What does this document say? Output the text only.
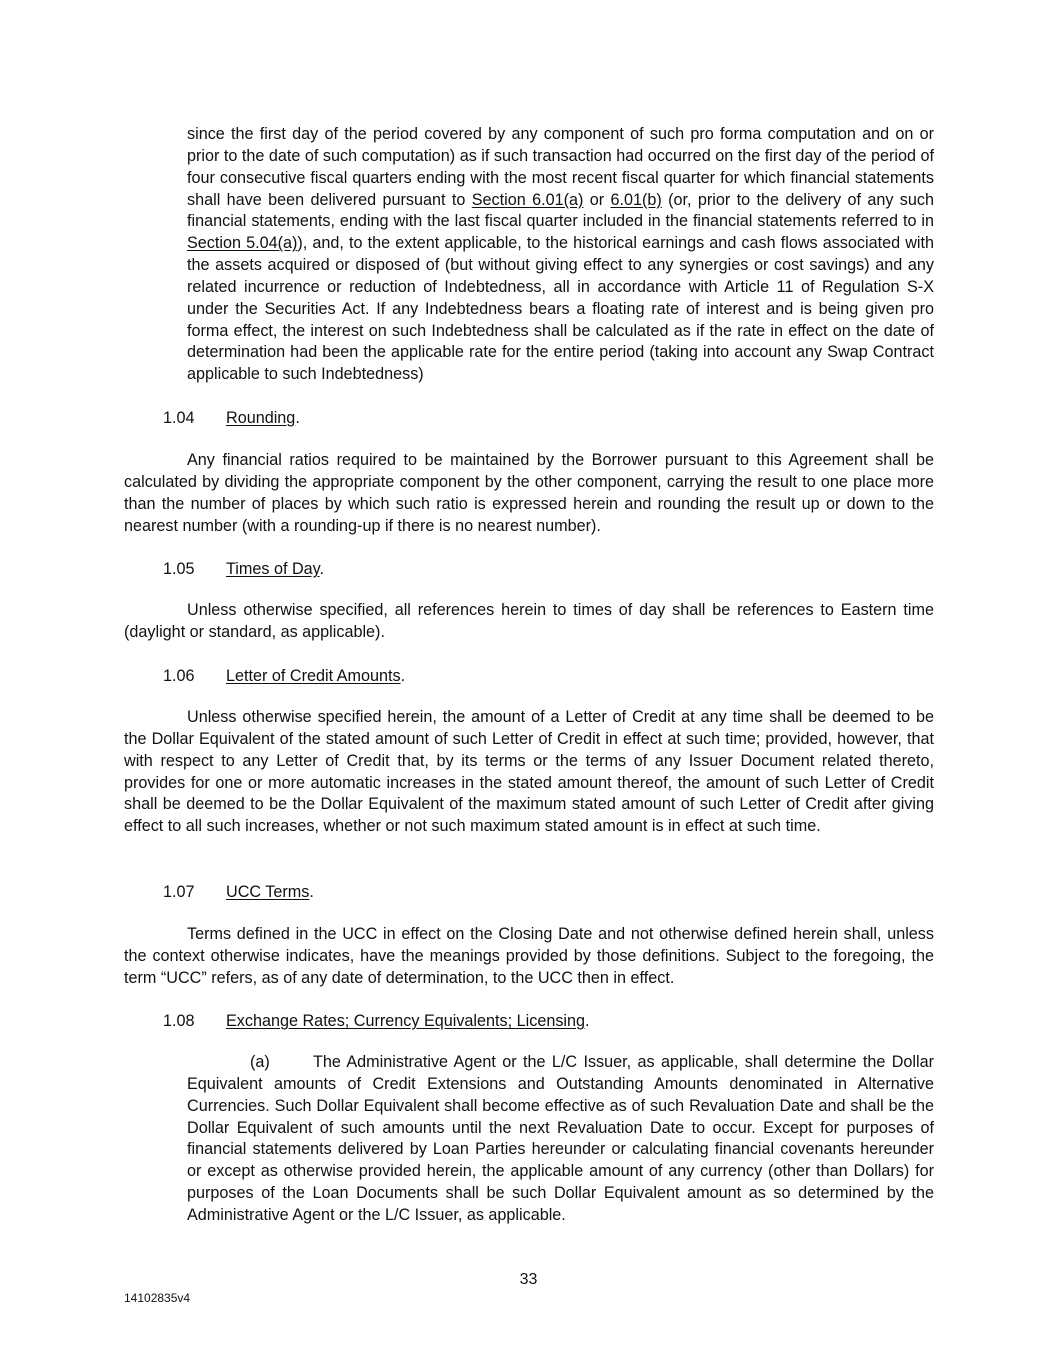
since the first day of the period covered by any component of such pro forma computation and on or prior to the date of such computation) as if such transaction had occurred on the first day of the period of four consecutive fiscal quarters ending with the most recent fiscal quarter for which financial statements shall have been delivered pursuant to Section 6.01(a) or 6.01(b) (or, prior to the delivery of any such financial statements, ending with the last fiscal quarter included in the financial statements referred to in Section 5.04(a)), and, to the extent applicable, to the historical earnings and cash flows associated with the assets acquired or disposed of (but without giving effect to any synergies or cost savings) and any related incurrence or reduction of Indebtedness, all in accordance with Article 11 of Regulation S-X under the Securities Act. If any Indebtedness bears a floating rate of interest and is being given pro forma effect, the interest on such Indebtedness shall be calculated as if the rate in effect on the date of determination had been the applicable rate for the entire period (taking into account any Swap Contract applicable to such Indebtedness)

1.04 Rounding.

Any financial ratios required to be maintained by the Borrower pursuant to this Agreement shall be calculated by dividing the appropriate component by the other component, carrying the result to one place more than the number of places by which such ratio is expressed herein and rounding the result up or down to the nearest number (with a rounding-up if there is no nearest number).

1.05 Times of Day.

Unless otherwise specified, all references herein to times of day shall be references to Eastern time (daylight or standard, as applicable).

1.06 Letter of Credit Amounts.

Unless otherwise specified herein, the amount of a Letter of Credit at any time shall be deemed to be the Dollar Equivalent of the stated amount of such Letter of Credit in effect at such time; provided, however, that with respect to any Letter of Credit that, by its terms or the terms of any Issuer Document related thereto, provides for one or more automatic increases in the stated amount thereof, the amount of such Letter of Credit shall be deemed to be the Dollar Equivalent of the maximum stated amount of such Letter of Credit after giving effect to all such increases, whether or not such maximum stated amount is in effect at such time.

1.07 UCC Terms.

Terms defined in the UCC in effect on the Closing Date and not otherwise defined herein shall, unless the context otherwise indicates, have the meanings provided by those definitions. Subject to the foregoing, the term “UCC” refers, as of any date of determination, to the UCC then in effect.

1.08 Exchange Rates; Currency Equivalents; Licensing.

(a)	The Administrative Agent or the L/C Issuer, as applicable, shall determine the Dollar Equivalent amounts of Credit Extensions and Outstanding Amounts denominated in Alternative Currencies. Such Dollar Equivalent shall become effective as of such Revaluation Date and shall be the Dollar Equivalent of such amounts until the next Revaluation Date to occur. Except for purposes of financial statements delivered by Loan Parties hereunder or calculating financial covenants hereunder or except as otherwise provided herein, the applicable amount of any currency (other than Dollars) for purposes of the Loan Documents shall be such Dollar Equivalent amount as so determined by the Administrative Agent or the L/C Issuer, as applicable.

33
14102835v4
